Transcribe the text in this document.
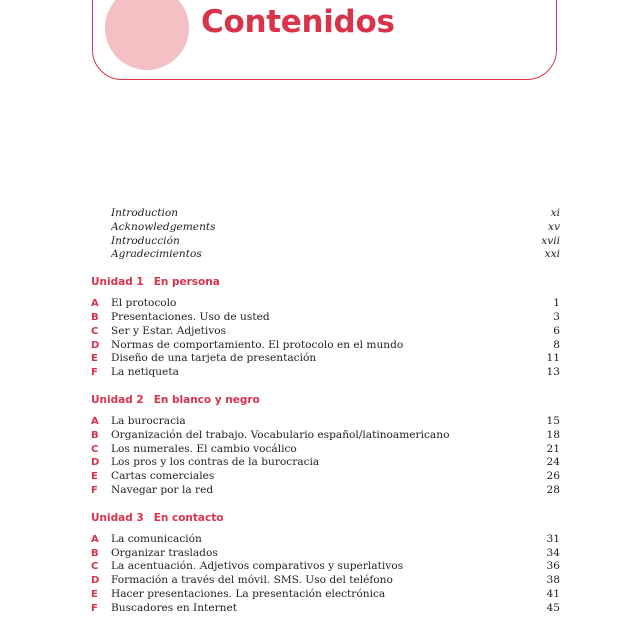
Contenidos
Introduction	xi
Acknowledgements	xv
Introducción	xvii
Agradecimientos	xxi
Unidad 1 En persona
A	El protocolo	1
B	Presentaciones. Uso de usted	3
C	Ser y Estar. Adjetivos	6
D	Normas de comportamiento. El protocolo en el mundo	8
E	Diseño de una tarjeta de presentación	11
F	La netiqueta	13
Unidad 2 En blanco y negro
A	La burocracia	15
B	Organización del trabajo. Vocabulario español/latinoamericano	18
C	Los numerales. El cambio vocálico	21
D	Los pros y los contras de la burocracia	24
E	Cartas comerciales	26
F	Navegar por la red	28
Unidad 3 En contacto
A	La comunicación	31
B	Organizar traslados	34
C	La acentuación. Adjetivos comparativos y superlativos	36
D	Formación a través del móvil. SMS. Uso del teléfono	38
E	Hacer presentaciones. La presentación electrónica	41
F	Buscadores en Internet	45
